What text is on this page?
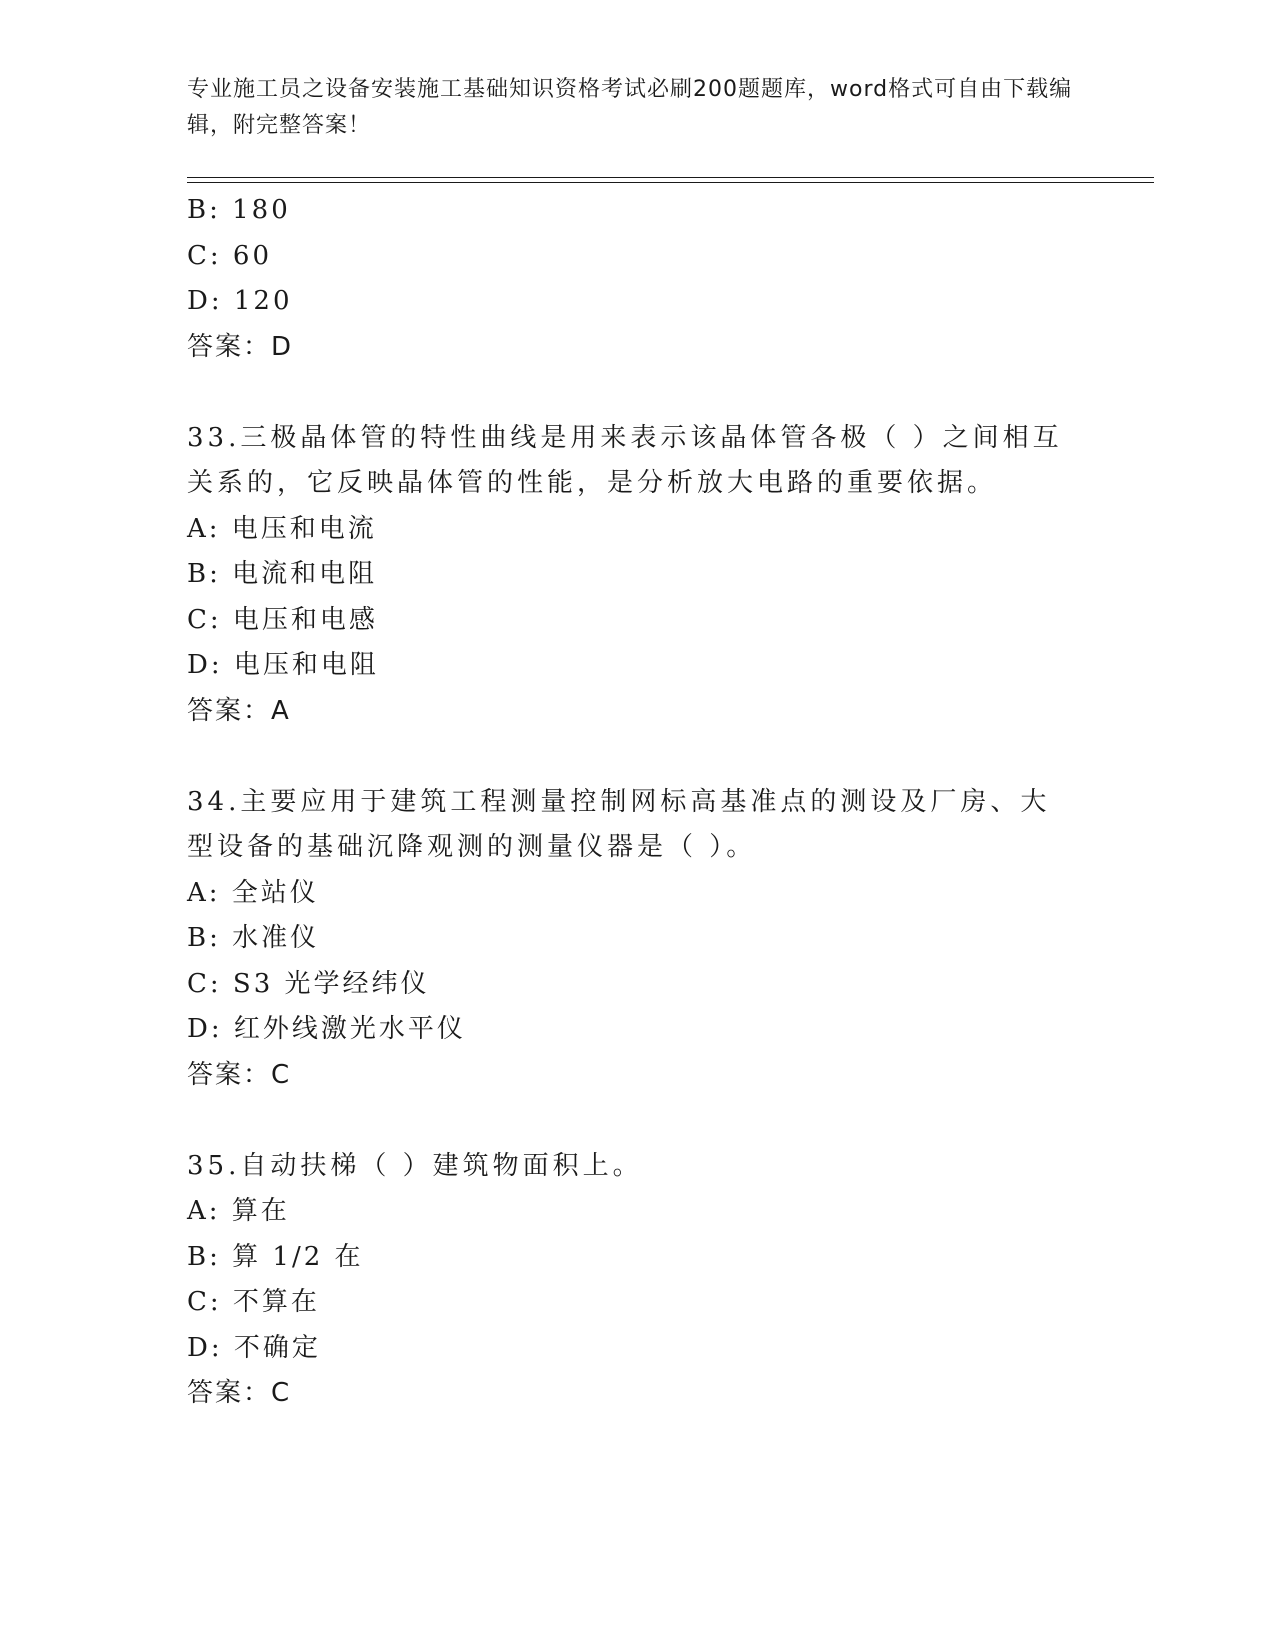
专业施工员之设备安装施工基础知识资格考试必刷200题题库，word格式可自由下载编辑，附完整答案！
B: 180
C: 60
D: 120
答案：D
33.三极晶体管的特性曲线是用来表示该晶体管各极（ ）之间相互关系的，它反映晶体管的性能，是分析放大电路的重要依据。
A: 电压和电流
B: 电流和电阻
C: 电压和电感
D: 电压和电阻
答案：A
34.主要应用于建筑工程测量控制网标高基准点的测设及厂房、大型设备的基础沉降观测的测量仪器是（ ）。
A: 全站仪
B: 水准仪
C: S3 光学经纬仪
D: 红外线激光水平仪
答案：C
35.自动扶梯（ ）建筑物面积上。
A: 算在
B: 算 1/2 在
C: 不算在
D: 不确定
答案：C
